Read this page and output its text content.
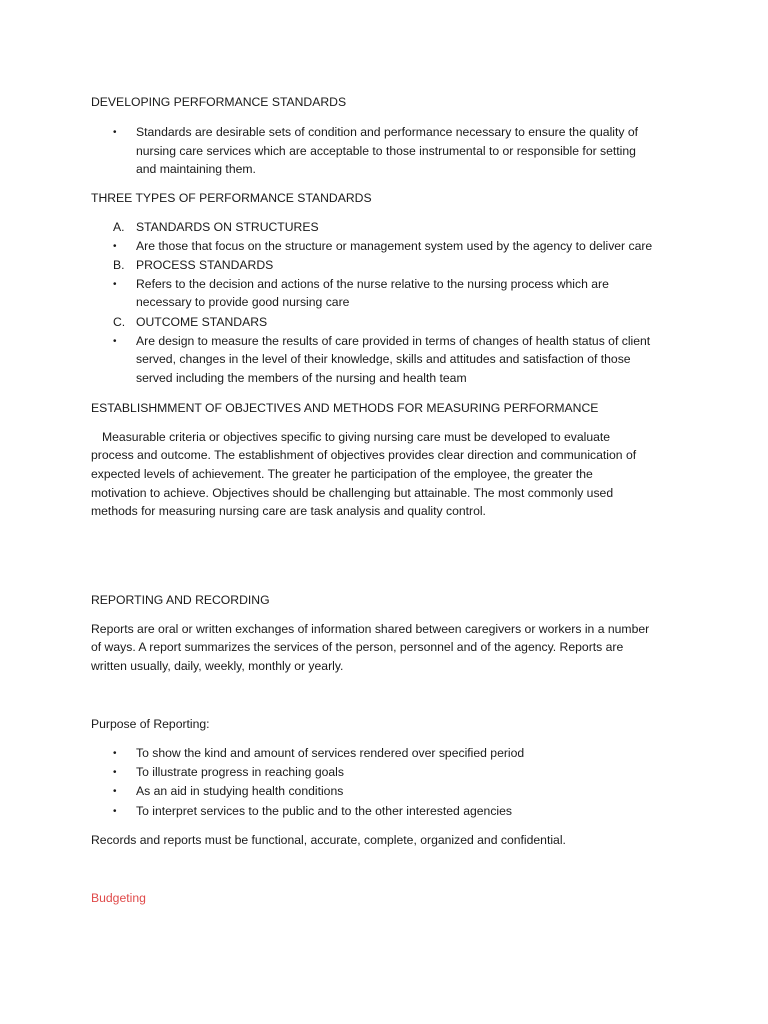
DEVELOPING PERFORMANCE STANDARDS
• Standards are desirable sets of condition and performance necessary to ensure the quality of
nursing care services which are acceptable to those instrumental to or responsible for setting
and maintaining them.
THREE TYPES OF PERFORMANCE STANDARDS
A. STANDARDS ON STRUCTURES
• Are those that focus on the structure or management system used by the agency to deliver care
B. PROCESS STANDARDS
• Refers to the decision and actions of the nurse relative to the nursing process which are
necessary to provide good nursing care
C. OUTCOME STANDARS
• Are design to measure the results of care provided in terms of changes of health status of client
served, changes in the level of their knowledge, skills and attitudes and satisfaction of those
served including the members of the nursing and health team
ESTABLISHMMENT OF OBJECTIVES AND METHODS FOR MEASURING PERFORMANCE
Measurable criteria or objectives specific to giving nursing care must be developed to evaluate
process and outcome. The establishment of objectives provides clear direction and communication of
expected levels of achievement. The greater he participation of the employee, the greater the
motivation to achieve. Objectives should be challenging but attainable. The most commonly used
methods for measuring nursing care are task analysis and quality control.
REPORTING AND RECORDING
Reports are oral or written exchanges of information shared between caregivers or workers in a number
of ways. A report summarizes the services of the person, personnel and of the agency. Reports are
written usually, daily, weekly, monthly or yearly.
Purpose of Reporting:
• To show the kind and amount of services rendered over specified period
• To illustrate progress in reaching goals
• As an aid in studying health conditions
• To interpret services to the public and to the other interested agencies
Records and reports must be functional, accurate, complete, organized and confidential.
Budgeting
